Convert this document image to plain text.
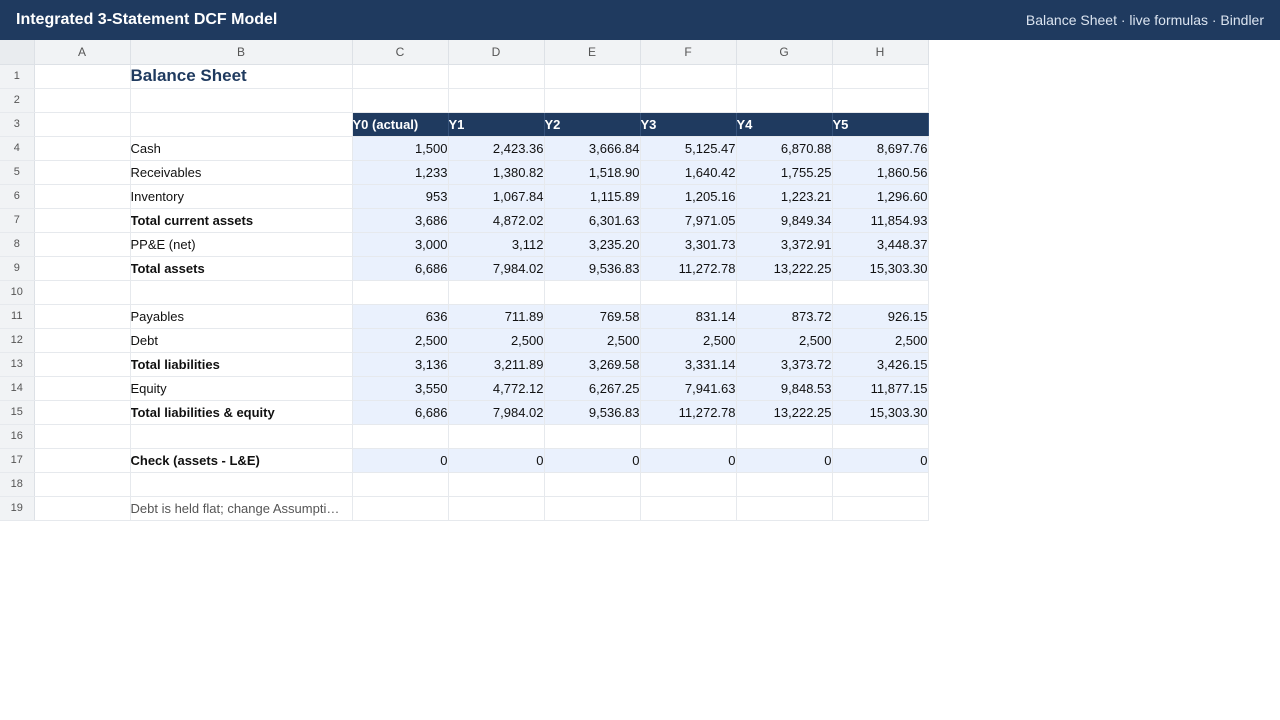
Integrated 3-Statement DCF Model	Balance Sheet · live formulas · Bindler
	A	B	C	D	E	F	G	H
1		Balance Sheet						
2								
3			Y0 (actual)	Y1	Y2	Y3	Y4	Y5
4		Cash	1,500	2,423.36	3,666.84	5,125.47	6,870.88	8,697.76
5		Receivables	1,233	1,380.82	1,518.90	1,640.42	1,755.25	1,860.56
6		Inventory	953	1,067.84	1,115.89	1,205.16	1,223.21	1,296.60
7		Total current assets	3,686	4,872.02	6,301.63	7,971.05	9,849.34	11,854.93
8		PP&E (net)	3,000	3,112	3,235.20	3,301.73	3,372.91	3,448.37
9		Total assets	6,686	7,984.02	9,536.83	11,272.78	13,222.25	15,303.30
10								
11		Payables	636	711.89	769.58	831.14	873.72	926.15
12		Debt	2,500	2,500	2,500	2,500	2,500	2,500
13		Total liabilities	3,136	3,211.89	3,269.58	3,331.14	3,373.72	3,426.15
14		Equity	3,550	4,772.12	6,267.25	7,941.63	9,848.53	11,877.15
15		Total liabilities & equity	6,686	7,984.02	9,536.83	11,272.78	13,222.25	15,303.30
16								
17		Check (assets - L&E)	0	0	0	0	0	0
18								
19		Debt is held flat; change Assumpti…						
